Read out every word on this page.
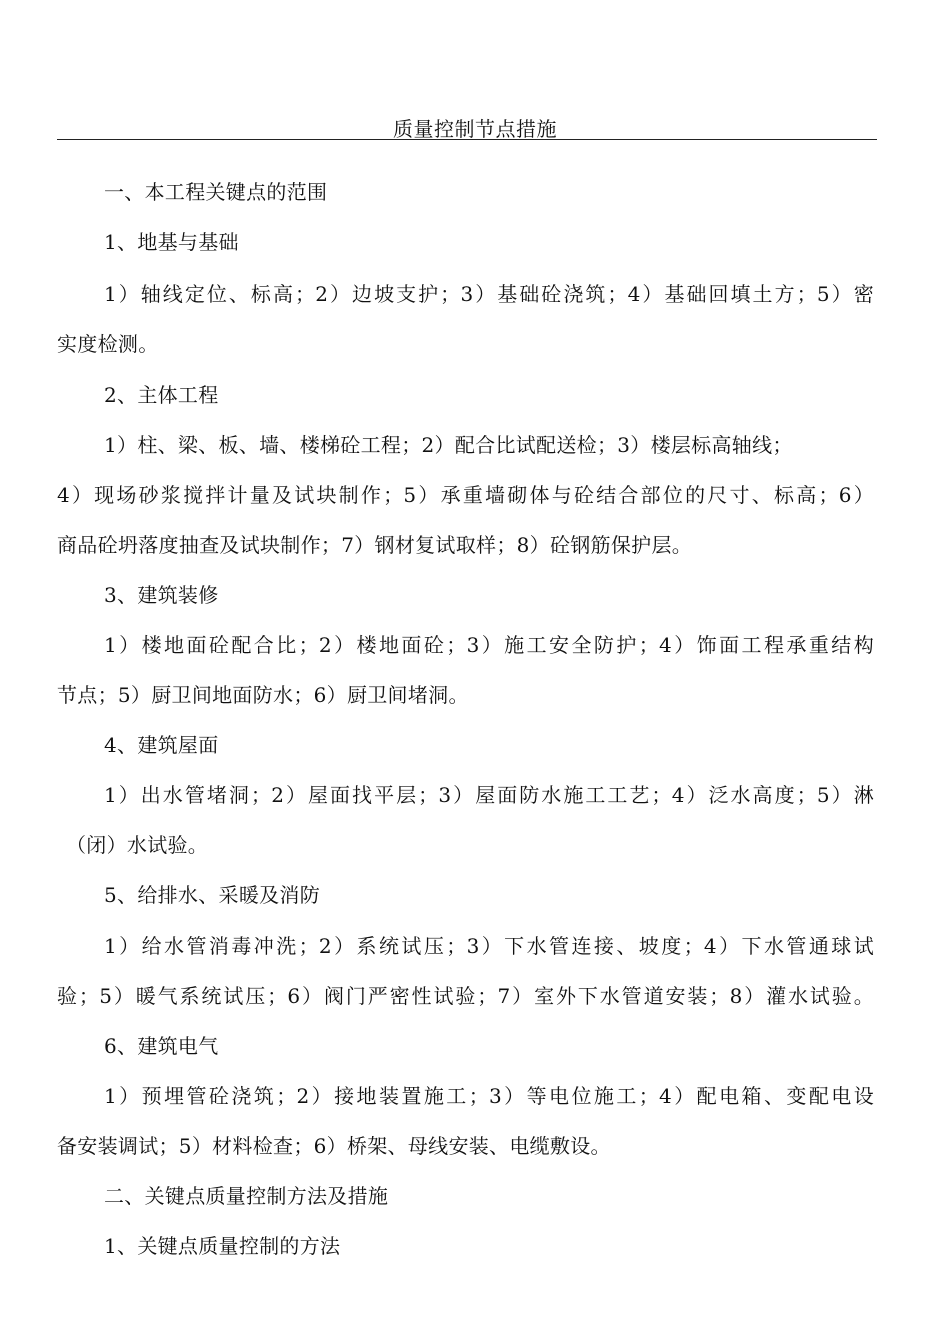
质量控制节点措施
一、本工程关键点的范围
1、地基与基础
1）轴线定位、标高；2）边坡支护；3）基础砼浇筑；4）基础回填土方；5）密
实度检测。
2、主体工程
1）柱、梁、板、墙、楼梯砼工程；2）配合比试配送检；3）楼层标高轴线；
4）现场砂浆搅拌计量及试块制作；5）承重墙砌体与砼结合部位的尺寸、标高；6）
商品砼坍落度抽查及试块制作；7）钢材复试取样；8）砼钢筋保护层。
3、建筑装修
1）楼地面砼配合比；2）楼地面砼；3）施工安全防护；4）饰面工程承重结构
节点；5）厨卫间地面防水；6）厨卫间堵洞。
4、建筑屋面
1）出水管堵洞；2）屋面找平层；3）屋面防水施工工艺；4）泛水高度；5）淋
（闭）水试验。
5、给排水、采暖及消防
1）给水管消毒冲洗；2）系统试压；3）下水管连接、坡度；4）下水管通球试
验；5）暖气系统试压；6）阀门严密性试验；7）室外下水管道安装；8）灌水试验。
6、建筑电气
1）预埋管砼浇筑；2）接地装置施工；3）等电位施工；4）配电箱、变配电设
备安装调试；5）材料检查；6）桥架、母线安装、电缆敷设。
二、关键点质量控制方法及措施
1、关键点质量控制的方法
